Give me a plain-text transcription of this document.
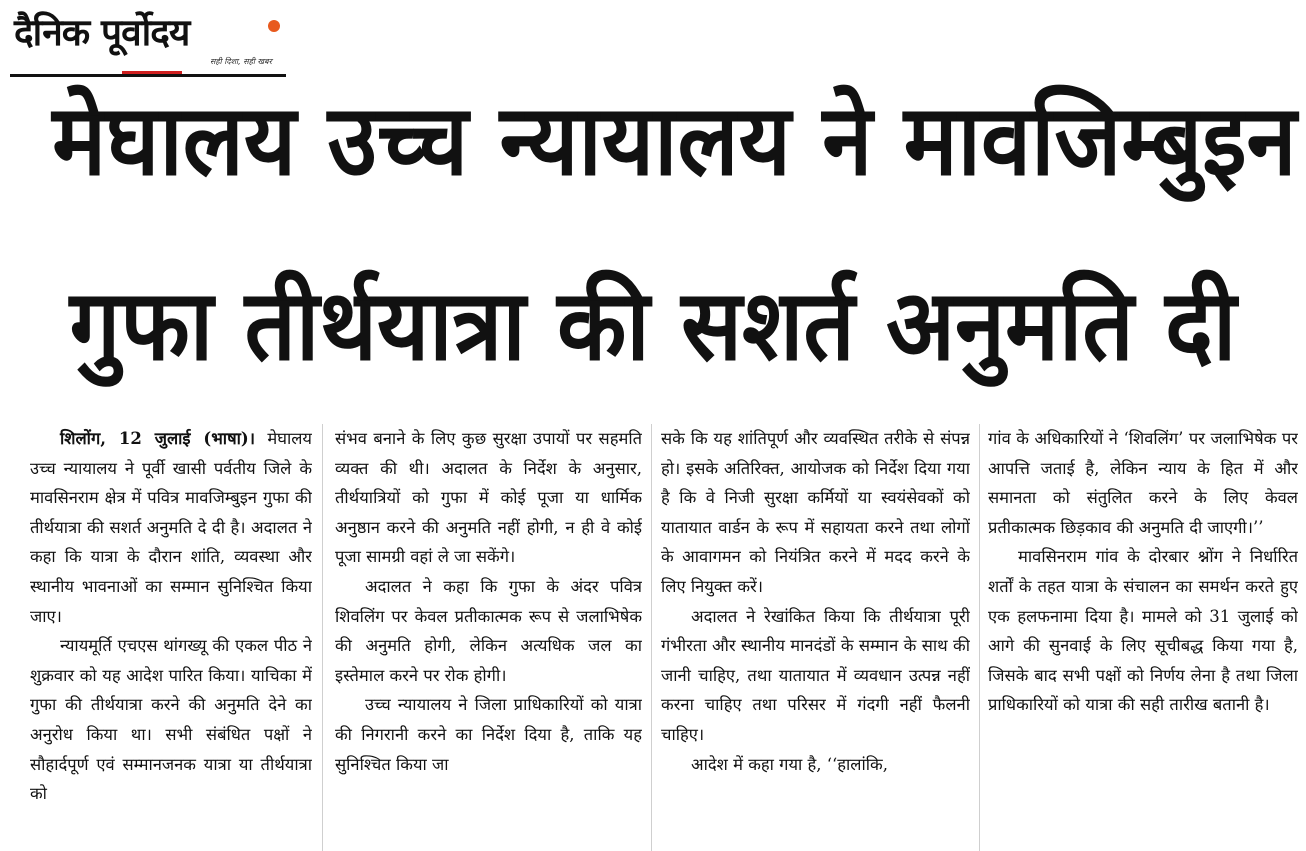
दैनिक पूर्वोदय
सही दिशा, सही खबर
मेघालय उच्च न्यायालय ने मावजिम्बुइन
गुफा तीर्थयात्रा की सशर्त अनुमति दी

शिलोंग, 12 जुलाई (भाषा)। मेघालय उच्च न्यायालय ने पूर्वी खासी पर्वतीय जिले के मावसिनराम क्षेत्र में पवित्र मावजिम्बुइन गुफा की तीर्थयात्रा की सशर्त अनुमति दे दी है। अदालत ने कहा कि यात्रा के दौरान शांति, व्यवस्था और स्थानीय भावनाओं का सम्मान सुनिश्चित किया जाए।

न्यायमूर्ति एचएस थांगख्यू की एकल पीठ ने शुक्रवार को यह आदेश पारित किया। याचिका में गुफा की तीर्थयात्रा करने की अनुमति देने का अनुरोध किया था। सभी संबंधित पक्षों ने सौहार्दपूर्ण एवं सम्मानजनक यात्रा या तीर्थयात्रा को

संभव बनाने के लिए कुछ सुरक्षा उपायों पर सहमति व्यक्त की थी। अदालत के निर्देश के अनुसार, तीर्थयात्रियों को गुफा में कोई पूजा या धार्मिक अनुष्ठान करने की अनुमति नहीं होगी, न ही वे कोई पूजा सामग्री वहां ले जा सकेंगे।

अदालत ने कहा कि गुफा के अंदर पवित्र शिवलिंग पर केवल प्रतीकात्मक रूप से जलाभिषेक की अनुमति होगी, लेकिन अत्यधिक जल का इस्तेमाल करने पर रोक होगी।

उच्च न्यायालय ने जिला प्राधिकारियों को यात्रा की निगरानी करने का निर्देश दिया है, ताकि यह सुनिश्चित किया जा

सके कि यह शांतिपूर्ण और व्यवस्थित तरीके से संपन्न हो। इसके अतिरिक्त, आयोजक को निर्देश दिया गया है कि वे निजी सुरक्षा कर्मियों या स्वयंसेवकों को यातायात वार्डन के रूप में सहायता करने तथा लोगों के आवागमन को नियंत्रित करने में मदद करने के लिए नियुक्त करें।

अदालत ने रेखांकित किया कि तीर्थयात्रा पूरी गंभीरता और स्थानीय मानदंडों के सम्मान के साथ की जानी चाहिए, तथा यातायात में व्यवधान उत्पन्न नहीं करना चाहिए तथा परिसर में गंदगी नहीं फैलनी चाहिए।

आदेश में कहा गया है, ‘‘हालांकि,

गांव के अधिकारियों ने ‘शिवलिंग’ पर जलाभिषेक पर आपत्ति जताई है, लेकिन न्याय के हित में और समानता को संतुलित करने के लिए केवल प्रतीकात्मक छिड़काव की अनुमति दी जाएगी।’’

मावसिनराम गांव के दोरबार श्नोंग ने निर्धारित शर्तों के तहत यात्रा के संचालन का समर्थन करते हुए एक हलफनामा दिया है। मामले को 31 जुलाई को आगे की सुनवाई के लिए सूचीबद्ध किया गया है, जिसके बाद सभी पक्षों को निर्णय लेना है तथा जिला प्राधिकारियों को यात्रा की सही तारीख बतानी है।
